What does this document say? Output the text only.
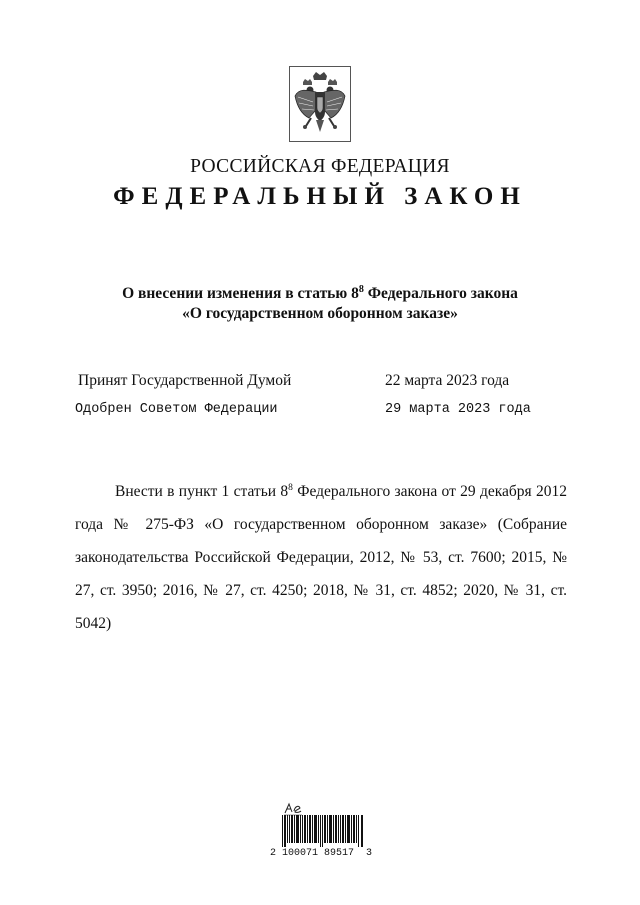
РОССИЙСКАЯ ФЕДЕРАЦИЯ
ФЕДЕРАЛЬНЫЙ ЗАКОН
О внесении изменения в статью $8^8$ Федерального закона
«О государственном оборонном заказе»
Принят Государственной Думой	22 марта 2023 года
Одобрен Советом Федерации	29 марта 2023 года
Внести в пункт 1 статьи $8^8$ Федерального закона от 29 декабря 2012 года № 275-ФЗ «О государственном оборонном заказе» (Собрание законодательства Российской Федерации, 2012, № 53, ст. 7600; 2015, № 27, ст. 3950; 2016, № 27, ст. 4250; 2018, № 31, ст. 4852; 2020, № 31, ст. 5042)
2 100071 89517  3
